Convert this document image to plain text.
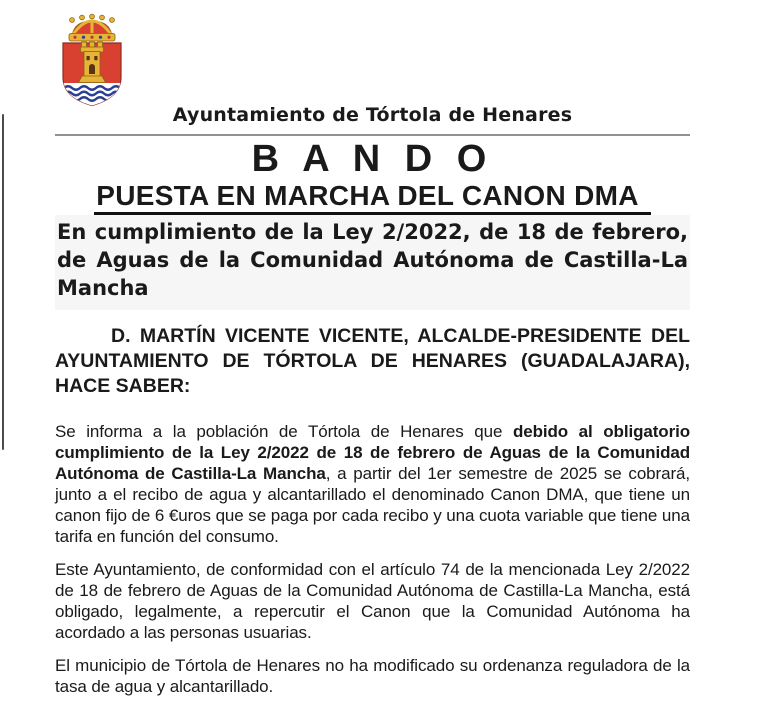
Ayuntamiento de Tórtola de Henares
B A N D O
PUESTA EN MARCHA DEL CANON DMA

En cumplimiento de la Ley 2/2022, de 18 de febrero, de Aguas de la Comunidad Autónoma de Castilla-La Mancha

D. MARTÍN VICENTE VICENTE, ALCALDE-PRESIDENTE DEL AYUNTAMIENTO DE TÓRTOLA DE HENARES (GUADALAJARA), HACE SABER:

Se informa a la población de Tórtola de Henares que debido al obligatorio cumplimiento de la Ley 2/2022 de 18 de febrero de Aguas de la Comunidad Autónoma de Castilla-La Mancha, a partir del 1er semestre de 2025 se cobrará, junto a el recibo de agua y alcantarillado el denominado Canon DMA, que tiene un canon fijo de 6 €uros que se paga por cada recibo y una cuota variable que tiene una tarifa en función del consumo.

Este Ayuntamiento, de conformidad con el artículo 74 de la mencionada Ley 2/2022 de 18 de febrero de Aguas de la Comunidad Autónoma de Castilla-La Mancha, está obligado, legalmente, a repercutir el Canon que la Comunidad Autónoma ha acordado a las personas usuarias.

El municipio de Tórtola de Henares no ha modificado su ordenanza reguladora de la tasa de agua y alcantarillado.
